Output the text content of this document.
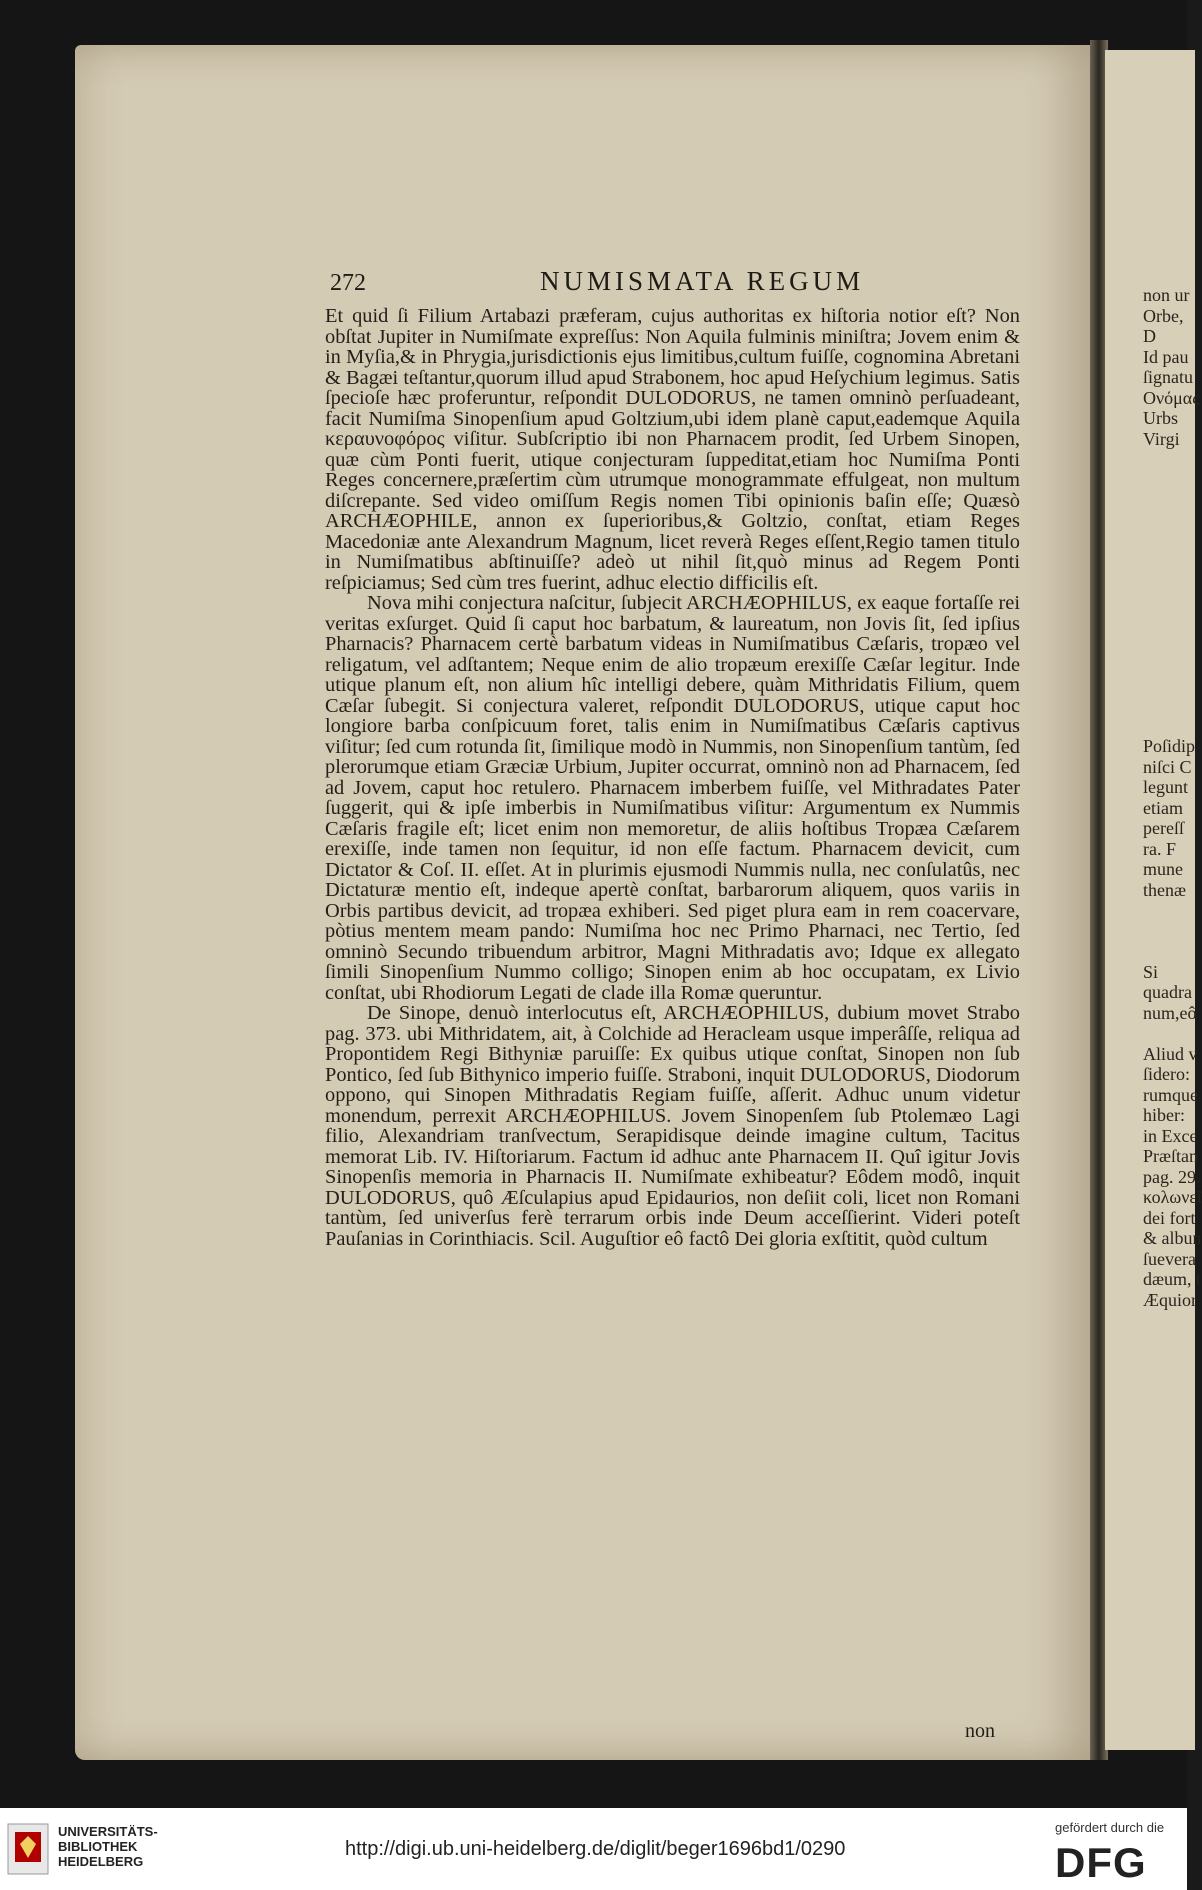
272	NUMISMATA REGUM

Et quid ſi Filium Artabazi præferam, cujus authoritas ex hiſtoria notior eſt? Non obſtat Jupiter in Numiſmate expreſſus: Non Aquila fulminis miniſtra; Jovem enim & in Myſia,& in Phrygia,jurisdictionis ejus limitibus,cultum fuiſſe, cognomina Abretani & Bagæi teſtantur,quorum illud apud Strabonem, hoc apud Heſychium legimus. Satis ſpecioſe hæc proferuntur, reſpondit DULODORUS, ne tamen omninò perſuadeant, facit Numiſma Sinopenſium apud Goltzium,ubi idem planè caput,eademque Aquila κεραυνοφόρος viſitur. Subſcriptio ibi non Pharnacem prodit, ſed Urbem Sinopen, quæ cùm Ponti fuerit, utique conjecturam ſuppeditat,etiam hoc Numiſma Ponti Reges concernere,præſertim cùm utrumque monogrammate effulgeat, non multum diſcrepante. Sed video omiſſum Regis nomen Tibi opinionis baſin eſſe; Quæsò ARCHÆOPHILE, annon ex ſuperioribus,& Goltzio, conſtat, etiam Reges Macedoniæ ante Alexandrum Magnum, licet reverà Reges eſſent,Regio tamen titulo in Numiſmatibus abſtinuiſſe? adeò ut nihil ſit,quò minus ad Regem Ponti reſpiciamus; Sed cùm tres fuerint, adhuc electio difficilis eſt.

Nova mihi conjectura naſcitur, ſubjecit ARCHÆOPHILUS, ex eaque fortaſſe rei veritas exſurget. Quid ſi caput hoc barbatum, & laureatum, non Jovis ſit, ſed ipſius Pharnacis? Pharnacem certè barbatum videas in Numiſmatibus Cæſaris, tropæo vel religatum, vel adſtantem; Neque enim de alio tropæum erexiſſe Cæſar legitur. Inde utique planum eſt, non alium hîc intelligi debere, quàm Mithridatis Filium, quem Cæſar ſubegit. Si conjectura valeret, reſpondit DULODORUS, utique caput hoc longiore barba conſpicuum foret, talis enim in Numiſmatibus Cæſaris captivus viſitur; ſed cum rotunda ſit, ſimilique modò in Nummis, non Sinopenſium tantùm, ſed plerorumque etiam Græciæ Urbium, Jupiter occurrat, omninò non ad Pharnacem, ſed ad Jovem, caput hoc retulero. Pharnacem imberbem fuiſſe, vel Mithradates Pater ſuggerit, qui & ipſe imberbis in Numiſmatibus viſitur: Argumentum ex Nummis Cæſaris fragile eſt; licet enim non memoretur, de aliis hoſtibus Tropæa Cæſarem erexiſſe, inde tamen non ſequitur, id non eſſe factum. Pharnacem devicit, cum Dictator & Coſ. II. eſſet. At in plurimis ejusmodi Nummis nulla, nec conſulatûs, nec Dictaturæ mentio eſt, indeque apertè conſtat, barbarorum aliquem, quos variis in Orbis partibus devicit, ad tropæa exhiberi. Sed piget plura eam in rem coacervare, pòtius mentem meam pando: Numiſma hoc nec Primo Pharnaci, nec Tertio, ſed omninò Secundo tribuendum arbitror, Magni Mithradatis avo; Idque ex allegato ſimili Sinopenſium Nummo colligo; Sinopen enim ab hoc occupatam, ex Livio conſtat, ubi Rhodiorum Legati de clade illa Romæ queruntur.

De Sinope, denuò interlocutus eſt, ARCHÆOPHILUS, dubium movet Strabo pag. 373. ubi Mithridatem, ait, à Colchide ad Heracleam usque imperâſſe, reliqua ad Propontidem Regi Bithyniæ paruiſſe: Ex quibus utique conſtat, Sinopen non ſub Pontico, ſed ſub Bithynico imperio fuiſſe. Straboni, inquit DULODORUS, Diodorum oppono, qui Sinopen Mithradatis Regiam fuiſſe, aſſerit. Adhuc unum videtur monendum, perrexit ARCHÆOPHILUS. Jovem Sinopenſem ſub Ptolemæo Lagi filio, Alexandriam tranſvectum, Serapidisque deinde imagine cultum, Tacitus memorat Lib. IV. Hiſtoriarum. Factum id adhuc ante Pharnacem II. Quî igitur Jovis Sinopenſis memoria in Pharnacis II. Numiſmate exhibeatur? Eôdem modô, inquit DULODORUS, quô Æſculapius apud Epidaurios, non deſiit coli, licet non Romani tantùm, ſed univerſus ferè terrarum orbis inde Deum acceſſierint. Videri poteſt Pauſanias in Corinthiacis. Scil. Auguſtior eô factô Dei gloria exſtitit, quòd cultum

non
non ur
Orbe,
D
Id pau
ſignatu
Ονόμας
Urbs
Virgi
Poſidip
niſci C
legunt
etiam
pereſſ
ra. F
mune
thenæ
Si
quadra
num,eô
Aliud v
ſidero:
rumque
hiber:
in Exce
Præſtan
pag. 29.
κολωνεῖ
dei fort
& albun
ſuevera
dæum, t
Æquior
UNIVERSITÄTS-
BIBLIOTHEK
HEIDELBERG
http://digi.ub.uni-heidelberg.de/diglit/beger1696bd1/0290
gefördert durch die
DFG
